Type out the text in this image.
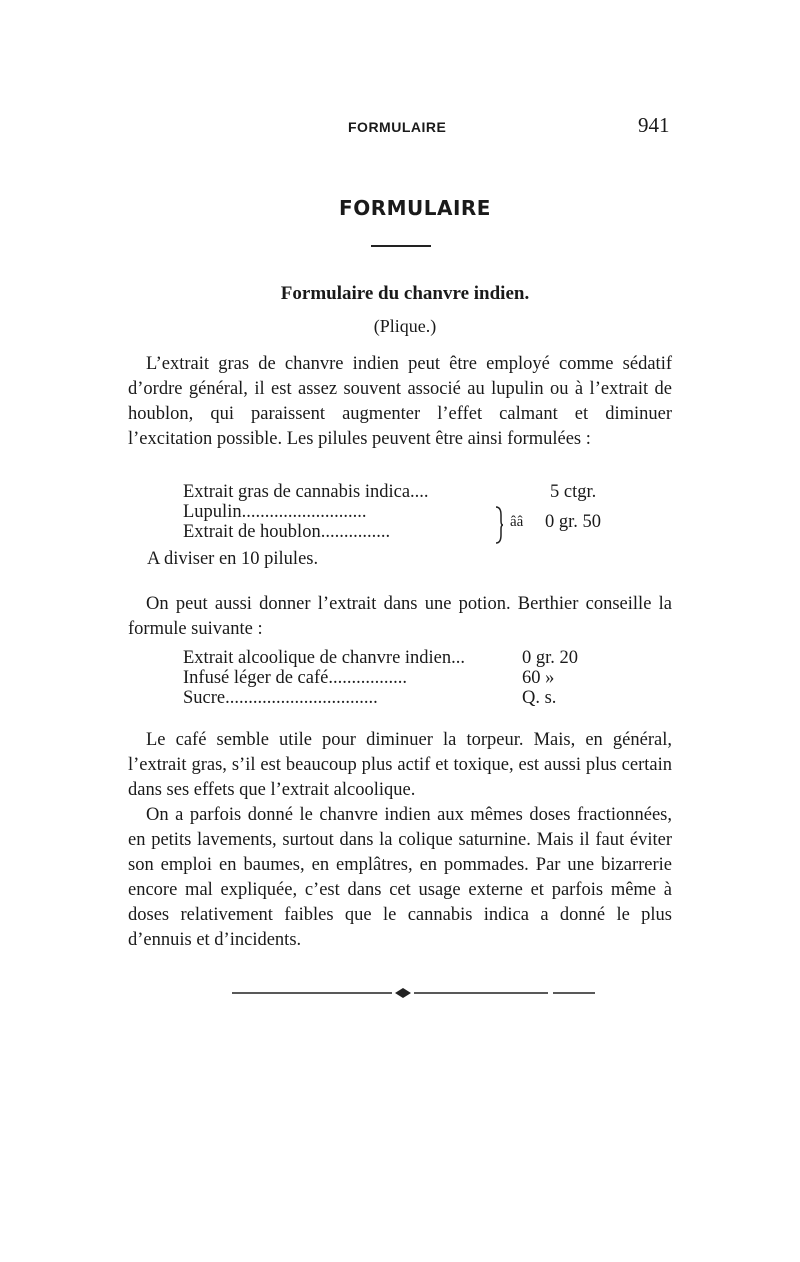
FORMULAIRE	941
FORMULAIRE
Formulaire du chanvre indien.
(Plique.)
L’extrait gras de chanvre indien peut être employé comme sédatif d’ordre général, il est assez souvent associé au lupulin ou à l’extrait de houblon, qui paraissent augmenter l’effet calmant et diminuer l’excitation possible. Les pilules peuvent être ainsi formulées :
Extrait gras de cannabis indica....	5 ctgr.
Lupulin...........................
Extrait de houblon...............	ââ 0 gr. 50
A diviser en 10 pilules.
On peut aussi donner l’extrait dans une potion. Berthier conseille la formule suivante :
Extrait alcoolique de chanvre indien...	0 gr. 20
Infusé léger de café.................	60 »
Sucre.................................	Q. s.
Le café semble utile pour diminuer la torpeur. Mais, en général, l’extrait gras, s’il est beaucoup plus actif et toxique, est aussi plus certain dans ses effets que l’extrait alcoolique.
On a parfois donné le chanvre indien aux mêmes doses fractionnées, en petits lavements, surtout dans la colique saturnine. Mais il faut éviter son emploi en baumes, en emplâtres, en pommades. Par une bizarrerie encore mal expliquée, c’est dans cet usage externe et parfois même à doses relativement faibles que le cannabis indica a donné le plus d’ennuis et d’incidents.
